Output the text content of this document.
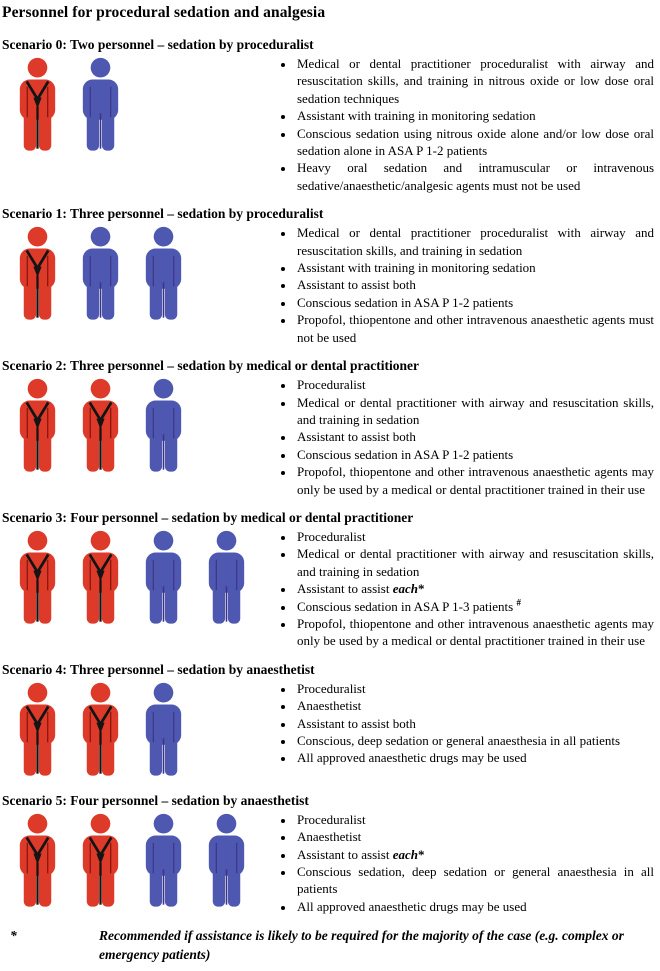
Personnel for procedural sedation and analgesia
Scenario 0: Two personnel – sedation by proceduralist
• Medical or dental practitioner proceduralist with airway and resuscitation skills, and training in nitrous oxide or low dose oral sedation techniques
• Assistant with training in monitoring sedation
• Conscious sedation using nitrous oxide alone and/or low dose oral sedation alone in ASA P 1-2 patients
• Heavy oral sedation and intramuscular or intravenous sedative/anaesthetic/analgesic agents must not be used
Scenario 1: Three personnel – sedation by proceduralist
• Medical or dental practitioner proceduralist with airway and resuscitation skills, and training in sedation
• Assistant with training in monitoring sedation
• Assistant to assist both
• Conscious sedation in ASA P 1-2 patients
• Propofol, thiopentone and other intravenous anaesthetic agents must not be used
Scenario 2: Three personnel – sedation by medical or dental practitioner
• Proceduralist
• Medical or dental practitioner with airway and resuscitation skills, and training in sedation
• Assistant to assist both
• Conscious sedation in ASA P 1-2 patients
• Propofol, thiopentone and other intravenous anaesthetic agents may only be used by a medical or dental practitioner trained in their use
Scenario 3: Four personnel – sedation by medical or dental practitioner
• Proceduralist
• Medical or dental practitioner with airway and resuscitation skills, and training in sedation
• Assistant to assist each*
• Conscious sedation in ASA P 1-3 patients #
• Propofol, thiopentone and other intravenous anaesthetic agents may only be used by a medical or dental practitioner trained in their use
Scenario 4: Three personnel – sedation by anaesthetist
• Proceduralist
• Anaesthetist
• Assistant to assist both
• Conscious, deep sedation or general anaesthesia in all patients
• All approved anaesthetic drugs may be used
Scenario 5: Four personnel – sedation by anaesthetist
• Proceduralist
• Anaesthetist
• Assistant to assist each*
• Conscious sedation, deep sedation or general anaesthesia in all patients
• All approved anaesthetic drugs may be used
*	Recommended if assistance is likely to be required for the majority of the case (e.g. complex or emergency patients)
